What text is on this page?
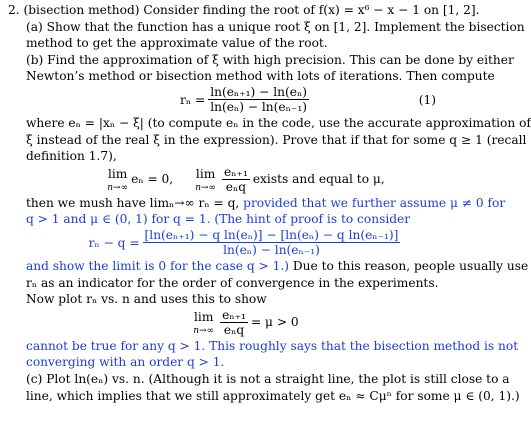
2. (bisection method) Consider finding the root of f(x) = x⁶ − x − 1 on [1, 2].
(a) Show that the function has a unique root ξ on [1, 2]. Implement the bisection
method to get the approximate value of the root.
(b) Find the approximation of ξ with high precision. This can be done by either
Newton’s method or bisection method with lots of iterations. Then compute
$r_n = \frac{\text{ln(eₙ₊₁) − ln(eₙ)}}{\text{ln(eₙ) − ln(eₙ₋₁)}}$	(1)
where eₙ = |xₙ − ξ| (to compute eₙ in the code, use the accurate approximation of
ξ instead of the real ξ in the expression). Prove that if that for some q ≥ 1 (recall
definition 1.7),
lim
n→∞
eₙ = 0, lim
$n\to\infty \frac{\text{eₙ₊₁}}{\text{eₙq}}$ exists and equal to μ,
then we mush have limₙ→∞ rₙ = q, provided that we further assume μ ≠ 0 for
q > 1 and μ ∈ (0, 1) for q = 1. (The hint of proof is to consider
$r_n - q = \frac{\text{[ln(eₙ₊₁) − q ln(eₙ)] − [ln(eₙ) − q ln(eₙ₋₁)]}}{\text{ln(eₙ) − ln(eₙ₋₁)}}$
and show the limit is 0 for the case q > 1.) Due to this reason, people usually use
rₙ as an indicator for the order of convergence in the experiments.
Now plot rₙ vs. n and uses this to show
lim
$n\to\infty \frac{\text{eₙ₊₁}}{\text{eₙq}} = \mu > 0$
cannot be true for any q > 1. This roughly says that the bisection method is not
converging with an order q > 1.
(c) Plot ln(eₙ) vs. n. (Although it is not a straight line, the plot is still close to a
line, which implies that we still approximately get eₙ ≈ Cμⁿ for some μ ∈ (0, 1).)
